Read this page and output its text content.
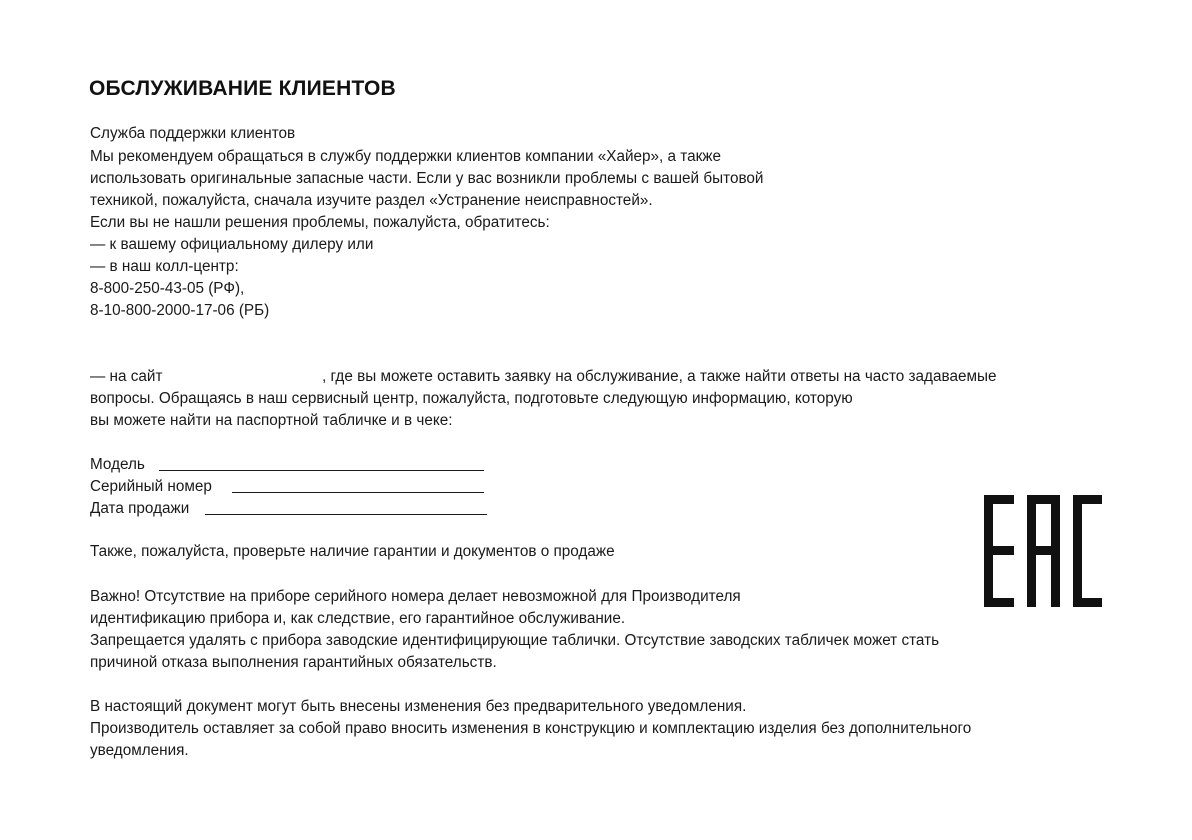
ОБСЛУЖИВАНИЕ КЛИЕНТОВ

Служба поддержки клиентов

Мы рекомендуем обращаться в службу поддержки клиентов компании «Хайер», а также

использовать оригинальные запасные части. Если у вас возникли проблемы с вашей бытовой

техникой, пожалуйста, сначала изучите раздел «Устранение неисправностей».

Если вы не нашли решения проблемы, пожалуйста, обратитесь:

— к вашему официальному дилеру или

— в наш колл-центр:

8-800-250-43-05 (РФ),

8-10-800-2000-17-06 (РБ)

— на сайт	, где вы можете оставить заявку на обслуживание, а также найти ответы на часто задаваемые

вопросы. Обращаясь в наш сервисный центр, пожалуйста, подготовьте следующую информацию, которую

вы можете найти на паспортной табличке и в чеке:

Модель

Серийный номер

Дата продажи

Также, пожалуйста, проверьте наличие гарантии и документов о продаже

Важно! Отсутствие на приборе серийного номера делает невозможной для Производителя

идентификацию прибора и, как следствие, его гарантийное обслуживание.

Запрещается удалять с прибора заводские идентифицирующие таблички. Отсутствие заводских табличек может стать

причиной отказа выполнения гарантийных обязательств.

В настоящий документ могут быть внесены изменения без предварительного уведомления.

Производитель оставляет за собой право вносить изменения в конструкцию и комплектацию изделия без дополнительного

уведомления.
